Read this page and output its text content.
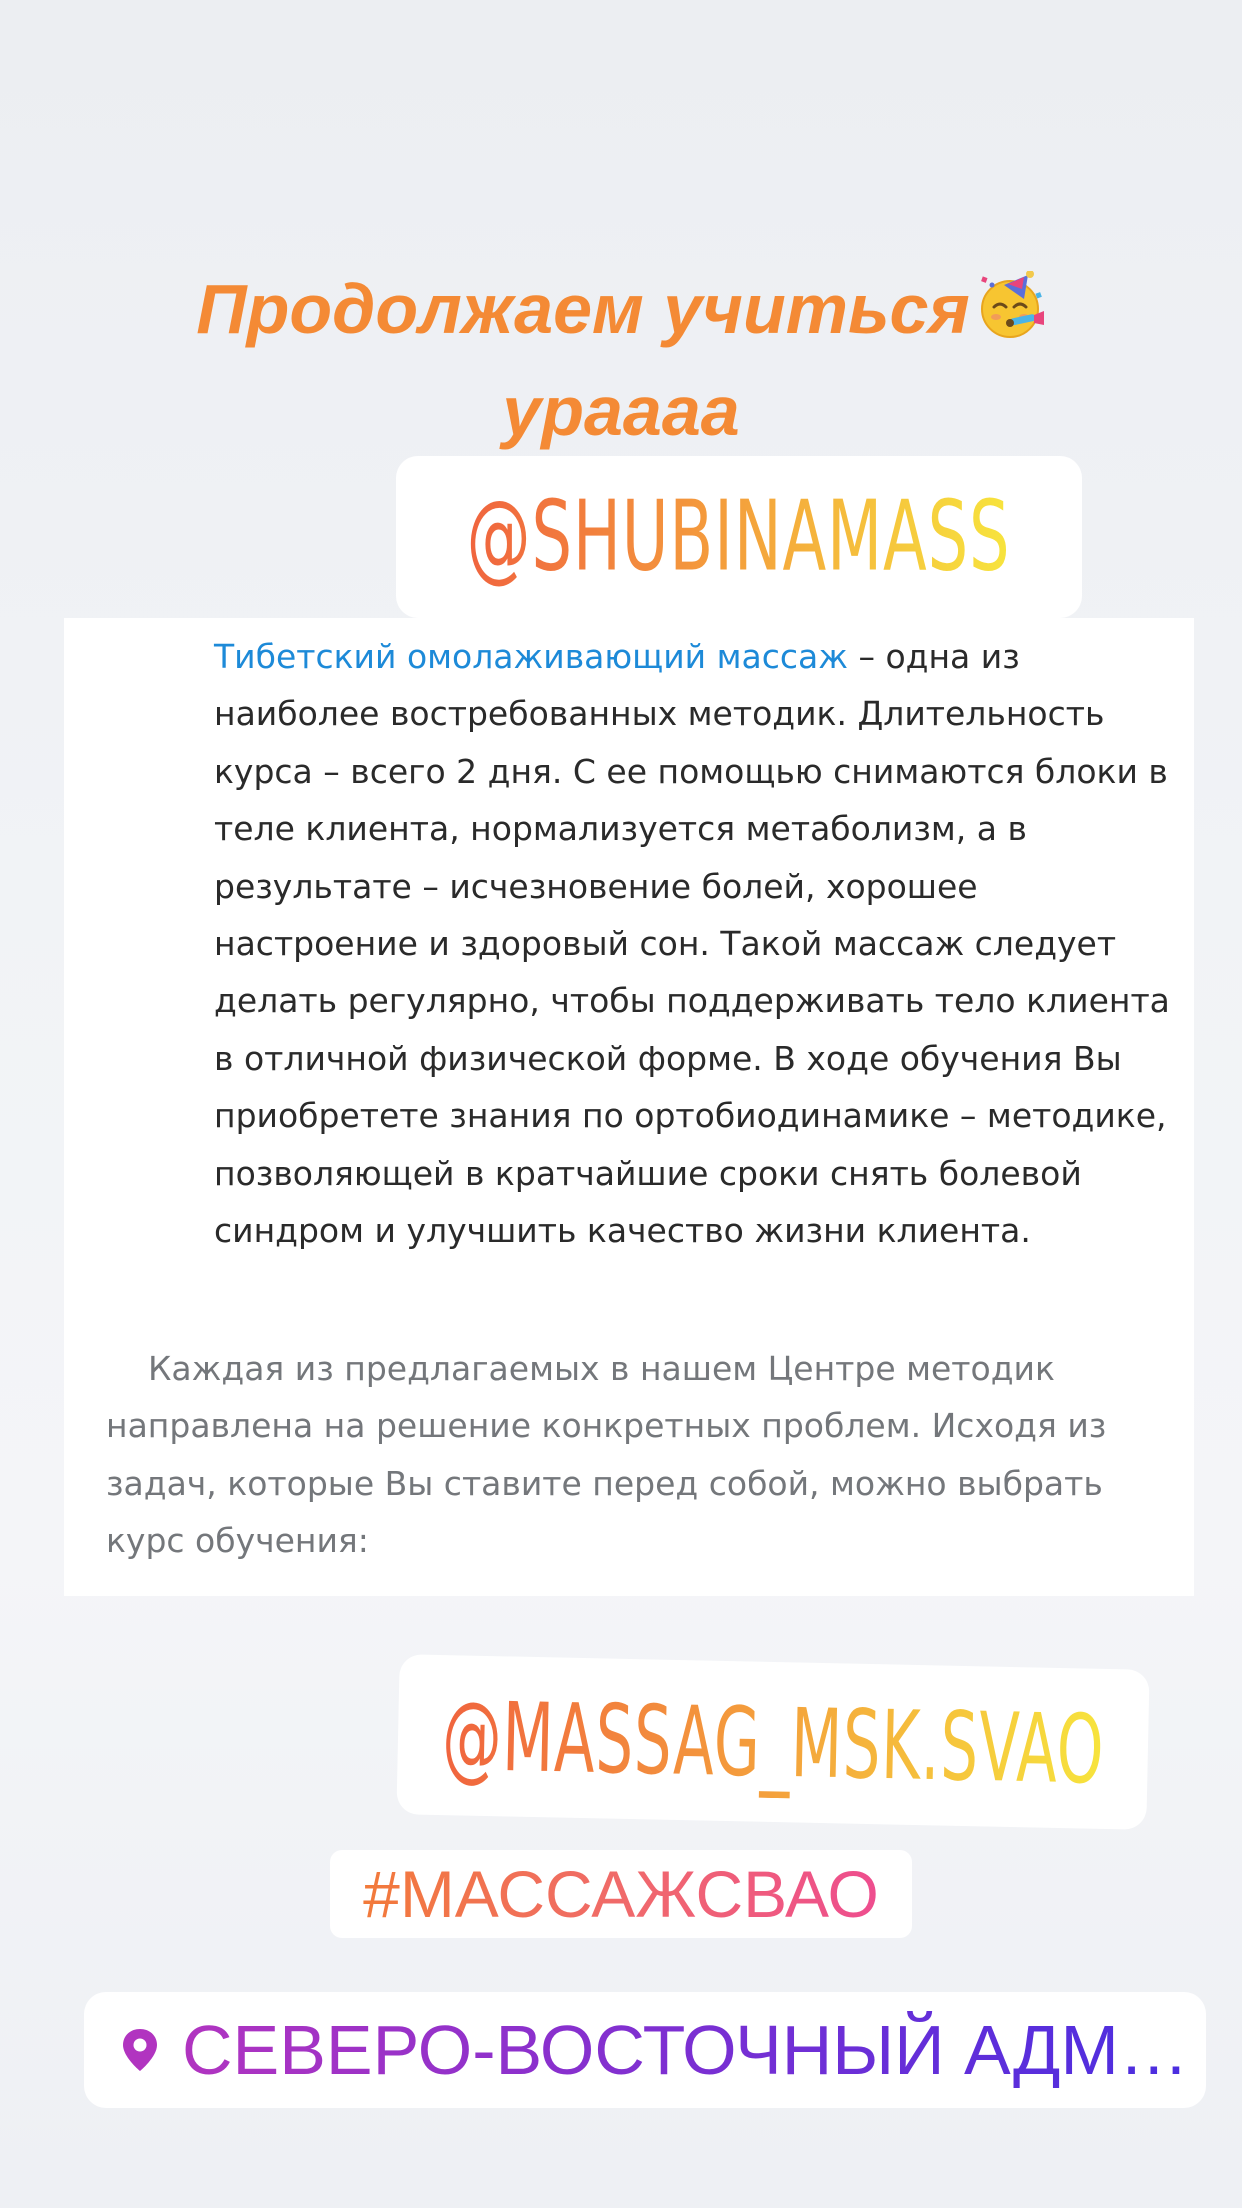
Продолжаем учиться
урaaaa
@SHUBINAMASS

Тибетский омолаживающий массаж – одна из наиболее востребованных методик. Длительность курса – всего 2 дня. С ее помощью снимаются блоки в теле клиента, нормализуется метаболизм, а в результате – исчезновение болей, хорошее настроение и здоровый сон. Такой массаж следует делать регулярно, чтобы поддерживать тело клиента в отличной физической форме. В ходе обучения Вы приобретете знания по ортобиодинамике – методике, позволяющей в кратчайшие сроки снять болевой синдром и улучшить качество жизни клиента.

Каждая из предлагаемых в нашем Центре методик направлена на решение конкретных проблем. Исходя из задач, которые Вы ставите перед собой, можно выбрать курс обучения:

@MASSAG_MSK.SVAO
#МАССАЖСВАО
СЕВЕРО-ВОСТОЧНЫЙ АДМ…
